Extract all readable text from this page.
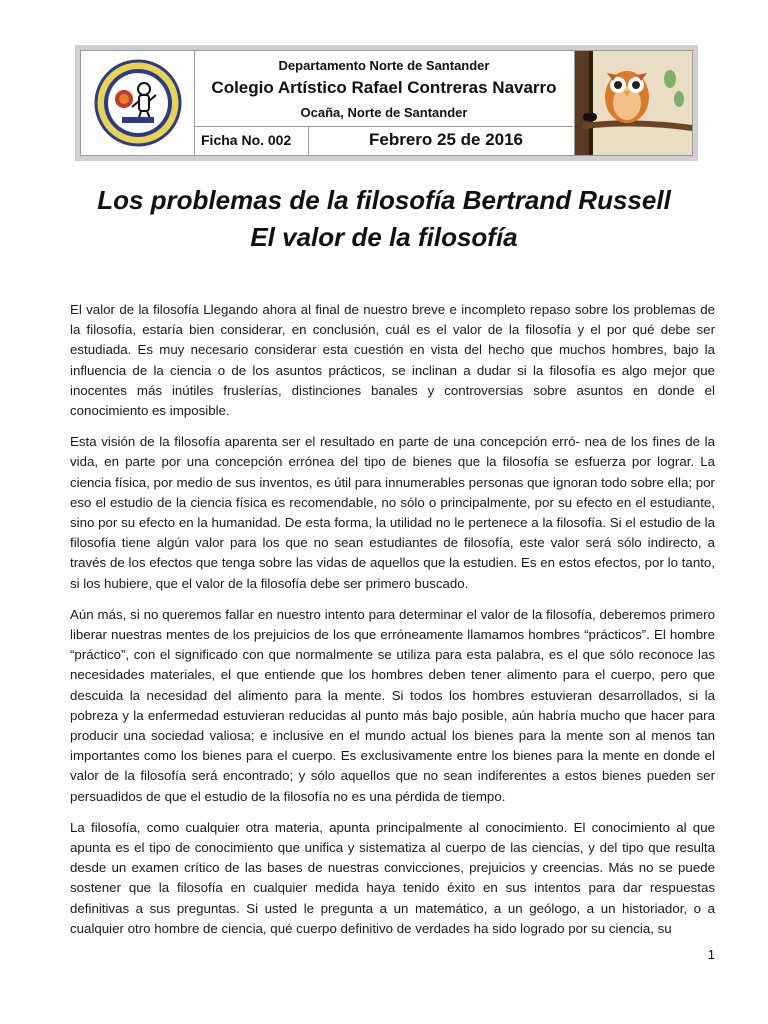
Departamento Norte de Santander
Colegio Artístico Rafael Contreras Navarro
Ocaña, Norte de Santander
Ficha No. 002	Febrero 25 de 2016
Los problemas de la filosofía Bertrand Russell
El valor de la filosofía

El valor de la filosofía Llegando ahora al final de nuestro breve e incompleto repaso sobre los problemas de la filosofía, estaría bien considerar, en conclusión, cuál es el valor de la filosofía y el por qué debe ser estudiada. Es muy necesario considerar esta cuestión en vista del hecho que muchos hombres, bajo la influencia de la ciencia o de los asuntos prácticos, se inclinan a dudar si la filosofía es algo mejor que inocentes más inútiles fruslerías, distinciones banales y controversias sobre asuntos en donde el conocimiento es imposible.

Esta visión de la filosofía aparenta ser el resultado en parte de una concepción erró- nea de los fines de la vida, en parte por una concepción errónea del tipo de bienes que la filosofía se esfuerza por lograr. La ciencia física, por medio de sus inventos, es útil para innumerables personas que ignoran todo sobre ella; por eso el estudio de la ciencia física es recomendable, no sólo o principalmente, por su efecto en el estudiante, sino por su efecto en la humanidad. De esta forma, la utilidad no le pertenece a la filosofía. Si el estudio de la filosofía tiene algún valor para los que no sean estudiantes de filosofía, este valor será sólo indirecto, a través de los efectos que tenga sobre las vidas de aquellos que la estudien. Es en estos efectos, por lo tanto, si los hubiere, que el valor de la filosofía debe ser primero buscado.

Aún más, si no queremos fallar en nuestro intento para determinar el valor de la filosofía, deberemos primero liberar nuestras mentes de los prejuicios de los que erróneamente llamamos hombres “prácticos”. El hombre “práctico”, con el significado con que normalmente se utiliza para esta palabra, es el que sólo reconoce las necesidades materiales, el que entiende que los hombres deben tener alimento para el cuerpo, pero que descuida la necesidad del alimento para la mente. Si todos los hombres estuvieran desarrollados, si la pobreza y la enfermedad estuvieran reducidas al punto más bajo posible, aún habría mucho que hacer para producir una sociedad valiosa; e inclusive en el mundo actual los bienes para la mente son al menos tan importantes como los bienes para el cuerpo. Es exclusivamente entre los bienes para la mente en donde el valor de la filosofía será encontrado; y sólo aquellos que no sean indiferentes a estos bienes pueden ser persuadidos de que el estudio de la filosofía no es una pérdida de tiempo.

La filosofía, como cualquier otra materia, apunta principalmente al conocimiento. El conocimiento al que apunta es el tipo de conocimiento que unifica y sistematiza al cuerpo de las ciencias, y del tipo que resulta desde un examen crítico de las bases de nuestras convicciones, prejuicios y creencias. Más no se puede sostener que la filosofía en cualquier medida haya tenido éxito en sus intentos para dar respuestas definitivas a sus preguntas. Si usted le pregunta a un matemático, a un geólogo, a un historiador, o a cualquier otro hombre de ciencia, qué cuerpo definitivo de verdades ha sido logrado por su ciencia, su

1
